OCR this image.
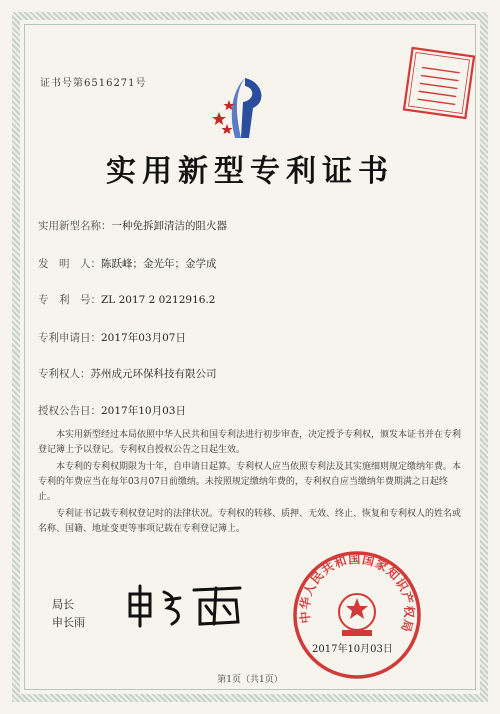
证书号第6516271号
实用新型专利证书
实用新型名称：一种免拆卸清洁的阻火器
发　明　人：陈跃峰；金光年；金学成
专　利　号：ZL 2017 2 0212916.2
专利申请日：2017年03月07日
专利权人：苏州成元环保科技有限公司
授权公告日：2017年10月03日

本实用新型经过本局依照中华人民共和国专利法进行初步审查，决定授予专利权，颁发本证书并在专利登记簿上予以登记。专利权自授权公告之日起生效。

本专利的专利权期限为十年，自申请日起算。专利权人应当依照专利法及其实施细则规定缴纳年费。本专利的年费应当在每年03月07日前缴纳。未按照规定缴纳年费的，专利权自应当缴纳年费期满之日起终止。

专利证书记载专利权登记时的法律状况。专利权的转移、质押、无效、终止、恢复和专利权人的姓名或名称、国籍、地址变更等事项记载在专利登记簿上。

局长
申长雨	中华人民共和国国家知识产权局
2017年10月03日
第1页（共1页）
